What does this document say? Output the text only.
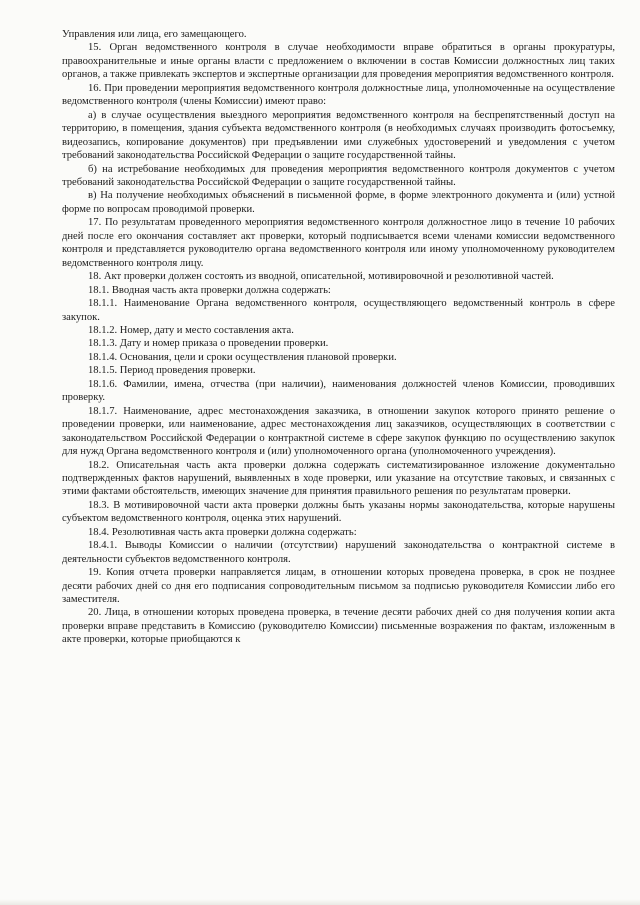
Управления или лица, его замещающего.

15. Орган ведомственного контроля в случае необходимости вправе обратиться в органы прокуратуры, правоохранительные и иные органы власти с предложением о включении в состав Комиссии должностных лиц таких органов, а также привлекать экспертов и экспертные организации для проведения мероприятия ведомственного контроля.

16. При проведении мероприятия ведомственного контроля должностные лица, уполномоченные на осуществление ведомственного контроля (члены Комиссии) имеют право:

а) в случае осуществления выездного мероприятия ведомственного контроля на беспрепятственный доступ на территорию, в помещения, здания субъекта ведомственного контроля (в необходимых случаях производить фотосъемку, видеозапись, копирование документов) при предъявлении ими служебных удостоверений и уведомления с учетом требований законодательства Российской Федерации о защите государственной тайны.

б) на истребование необходимых для проведения мероприятия ведомственного контроля документов с учетом требований законодательства Российской Федерации о защите государственной тайны.

в) На получение необходимых объяснений в письменной форме, в форме электронного документа и (или) устной форме по вопросам проводимой проверки.

17. По результатам проведенного мероприятия ведомственного контроля должностное лицо в течение 10 рабочих дней после его окончания составляет акт проверки, который подписывается всеми членами комиссии ведомственного контроля и представляется руководителю органа ведомственного контроля или иному уполномоченному руководителем ведомственного контроля лицу.

18. Акт проверки должен состоять из вводной, описательной, мотивировочной и резолютивной частей.

18.1. Вводная часть акта проверки должна содержать:

18.1.1. Наименование Органа ведомственного контроля, осуществляющего ведомственный контроль в сфере закупок.

18.1.2. Номер, дату и место составления акта.

18.1.3. Дату и номер приказа о проведении проверки.

18.1.4. Основания, цели и сроки осуществления плановой проверки.

18.1.5. Период проведения проверки.

18.1.6. Фамилии, имена, отчества (при наличии), наименования должностей членов Комиссии, проводивших проверку.

18.1.7. Наименование, адрес местонахождения заказчика, в отношении закупок которого принято решение о проведении проверки, или наименование, адрес местонахождения лиц заказчиков, осуществляющих в соответствии с законодательством Российской Федерации о контрактной системе в сфере закупок функцию по осуществлению закупок для нужд Органа ведомственного контроля и (или) уполномоченного органа (уполномоченного учреждения).

18.2. Описательная часть акта проверки должна содержать систематизированное изложение документально подтвержденных фактов нарушений, выявленных в ходе проверки, или указание на отсутствие таковых, и связанных с этими фактами обстоятельств, имеющих значение для принятия правильного решения по результатам проверки.

18.3. В мотивировочной части акта проверки должны быть указаны нормы законодательства, которые нарушены субъектом ведомственного контроля, оценка этих нарушений.

18.4. Резолютивная часть акта проверки должна содержать:

18.4.1. Выводы Комиссии о наличии (отсутствии) нарушений законодательства о контрактной системе в деятельности субъектов ведомственного контроля.

19. Копия отчета проверки направляется лицам, в отношении которых проведена проверка, в срок не позднее десяти рабочих дней со дня его подписания сопроводительным письмом за подписью руководителя Комиссии либо его заместителя.

20. Лица, в отношении которых проведена проверка, в течение десяти рабочих дней со дня получения копии акта проверки вправе представить в Комиссию (руководителю Комиссии) письменные возражения по фактам, изложенным в акте проверки, которые приобщаются к
